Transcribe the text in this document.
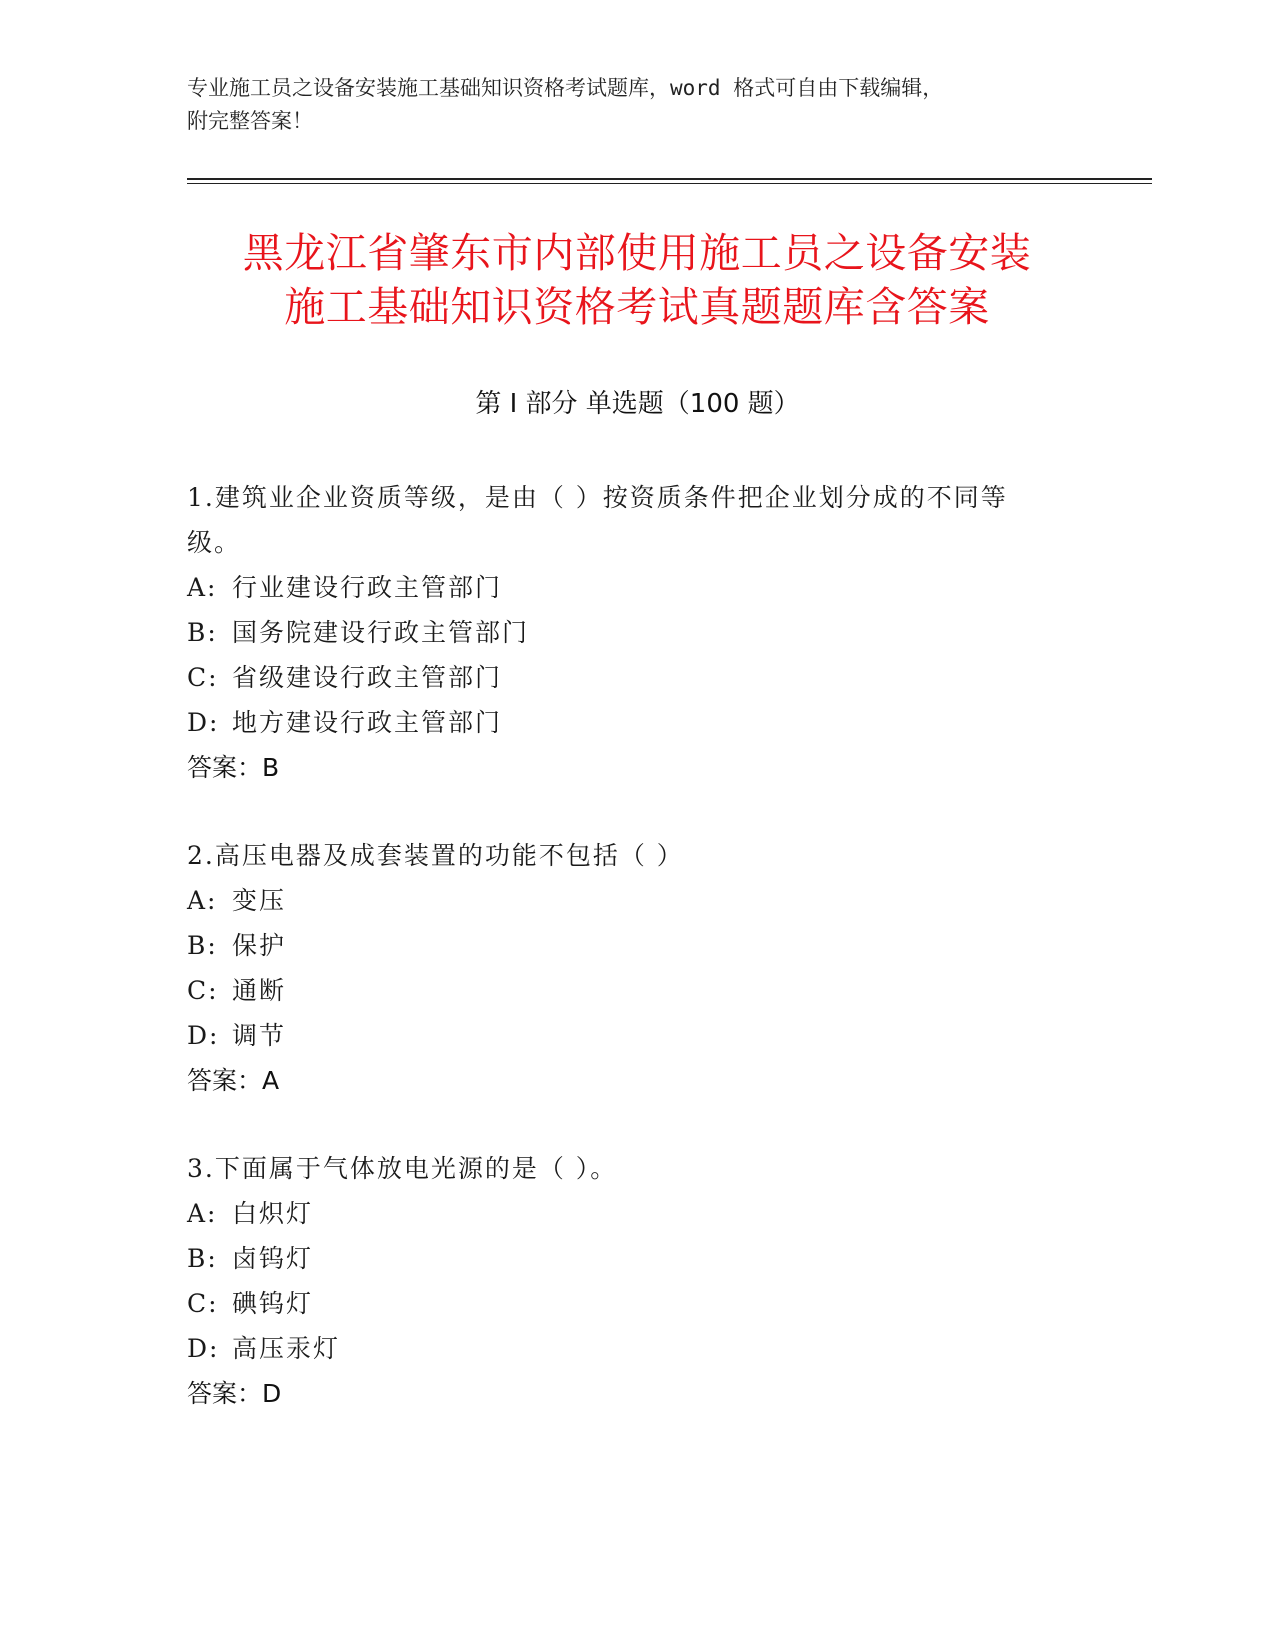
专业施工员之设备安装施工基础知识资格考试题库，word 格式可自由下载编辑，
附完整答案！
黑龙江省肇东市内部使用施工员之设备安装
施工基础知识资格考试真题题库含答案
第 I 部分 单选题（100 题）
1.建筑业企业资质等级，是由（ ）按资质条件把企业划分成的不同等
级。
A: 行业建设行政主管部门
B: 国务院建设行政主管部门
C: 省级建设行政主管部门
D: 地方建设行政主管部门
答案：B
2.高压电器及成套装置的功能不包括（ ）
A: 变压
B: 保护
C: 通断
D: 调节
答案：A
3.下面属于气体放电光源的是（ ）。
A: 白炽灯
B: 卤钨灯
C: 碘钨灯
D: 高压汞灯
答案：D
